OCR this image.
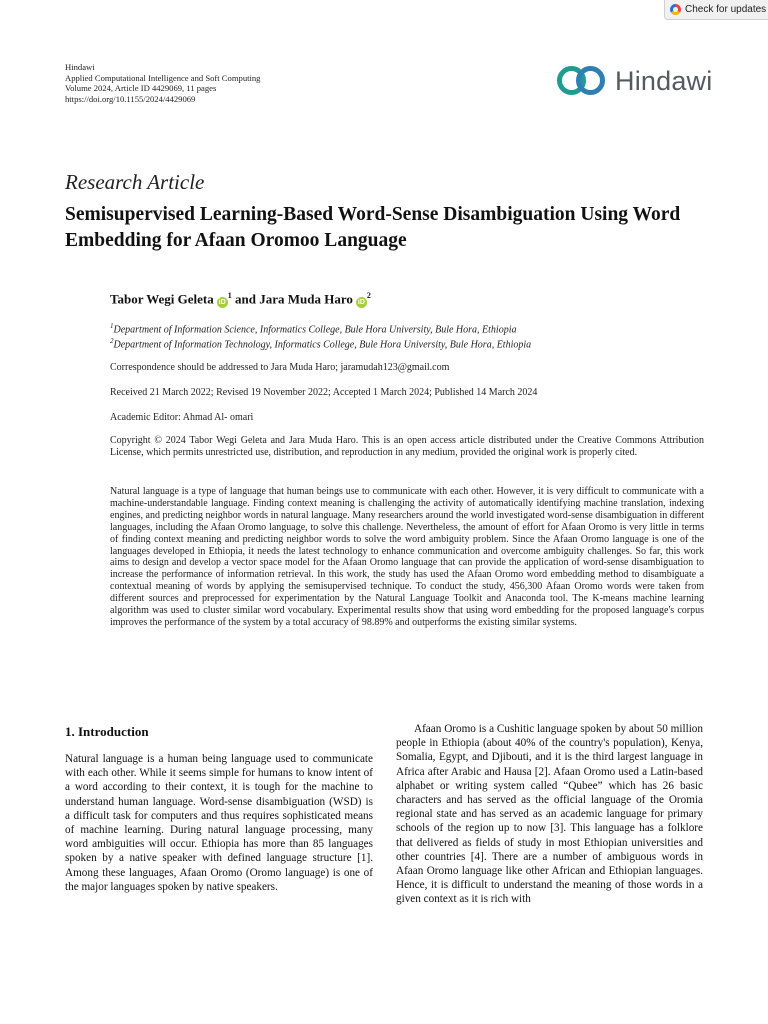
Check for updates
Hindawi
Applied Computational Intelligence and Soft Computing
Volume 2024, Article ID 4429069, 11 pages
https://doi.org/10.1155/2024/4429069
Hindawi
Research Article
Semisupervised Learning-Based Word-Sense Disambiguation Using Word Embedding for Afaan Oromoo Language
Tabor Wegi Geleta $iD^1$ and Jara Muda Haro $iD^2$
$^1$Department of Information Science, Informatics College, Bule Hora University, Bule Hora, Ethiopia
$^2$Department of Information Technology, Informatics College, Bule Hora University, Bule Hora, Ethiopia
Correspondence should be addressed to Jara Muda Haro; jaramudah123@gmail.com
Received 21 March 2022; Revised 19 November 2022; Accepted 1 March 2024; Published 14 March 2024
Academic Editor: Ahmad Al- omari
Copyright © 2024 Tabor Wegi Geleta and Jara Muda Haro. This is an open access article distributed under the Creative Commons Attribution License, which permits unrestricted use, distribution, and reproduction in any medium, provided the original work is properly cited.
Natural language is a type of language that human beings use to communicate with each other. However, it is very difficult to communicate with a machine-understandable language. Finding context meaning is challenging the activity of automatically identifying machine translation, indexing engines, and predicting neighbor words in natural language. Many researchers around the world investigated word-sense disambiguation in different languages, including the Afaan Oromo language, to solve this challenge. Nevertheless, the amount of effort for Afaan Oromo is very little in terms of finding context meaning and predicting neighbor words to solve the word ambiguity problem. Since the Afaan Oromo language is one of the languages developed in Ethiopia, it needs the latest technology to enhance communication and overcome ambiguity challenges. So far, this work aims to design and develop a vector space model for the Afaan Oromo language that can provide the application of word-sense disambiguation to increase the performance of information retrieval. In this work, the study has used the Afaan Oromo word embedding method to disambiguate a contextual meaning of words by applying the semisupervised technique. To conduct the study, 456,300 Afaan Oromo words were taken from different sources and preprocessed for experimentation by the Natural Language Toolkit and Anaconda tool. The K-means machine learning algorithm was used to cluster similar word vocabulary. Experimental results show that using word embedding for the proposed language's corpus improves the performance of the system by a total accuracy of 98.89% and outperforms the existing similar systems.
1. Introduction
Natural language is a human being language used to communicate with each other. While it seems simple for humans to know intent of a word according to their context, it is tough for the machine to understand human language. Word-sense disambiguation (WSD) is a difficult task for computers and thus requires sophisticated means of machine learning. During natural language processing, many word ambiguities will occur. Ethiopia has more than 85 languages spoken by a native speaker with defined language structure [1]. Among these languages, Afaan Oromo (Oromo language) is one of the major languages spoken by native speakers.
Afaan Oromo is a Cushitic language spoken by about 50 million people in Ethiopia (about 40% of the country's population), Kenya, Somalia, Egypt, and Djibouti, and it is the third largest language in Africa after Arabic and Hausa [2]. Afaan Oromo used a Latin-based alphabet or writing system called “Qubee” which has 26 basic characters and has served as the official language of the Oromia regional state and has served as an academic language for primary schools of the region up to now [3]. This language has a folklore that delivered as fields of study in most Ethiopian universities and other countries [4]. There are a number of ambiguous words in Afaan Oromo language like other African and Ethiopian languages. Hence, it is difficult to understand the meaning of those words in a given context as it is rich with
